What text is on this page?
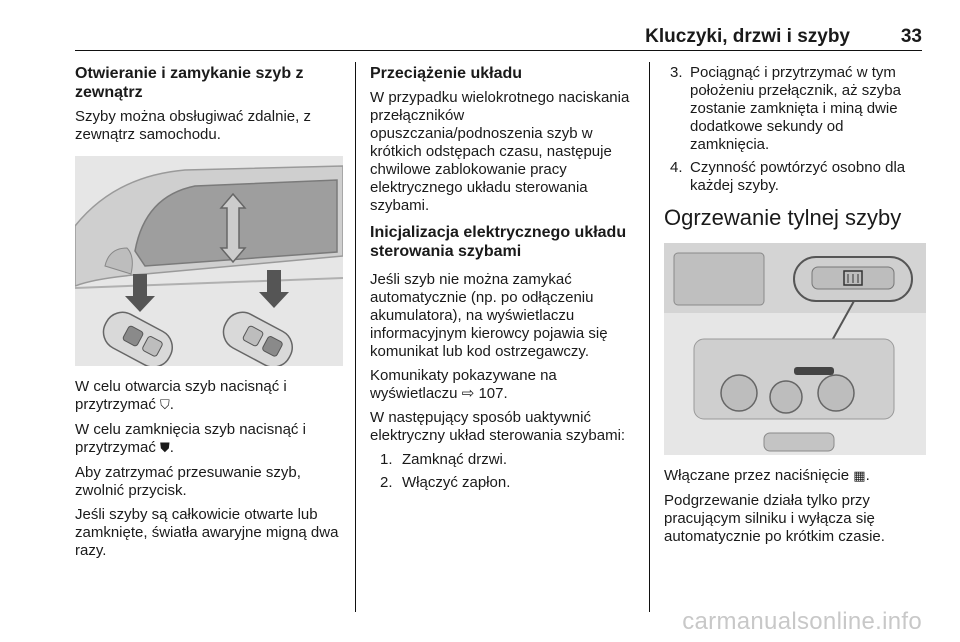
Kluczyki, drzwi i szyby	33
Otwieranie i zamykanie szyb z zewnątrz

Szyby można obsługiwać zdalnie, z zewnątrz samochodu.

W celu otwarcia szyb nacisnąć i przytrzymać ⛉.

W celu zamknięcia szyb nacisnąć i przytrzymać ⛊.

Aby zatrzymać przesuwanie szyb, zwolnić przycisk.

Jeśli szyby są całkowicie otwarte lub zamknięte, światła awaryjne migną dwa razy.

Przeciążenie układu

W przypadku wielokrotnego naciskania przełączników opuszczania/podnoszenia szyb w krótkich odstępach czasu, następuje chwilowe zablokowanie pracy elektrycznego układu sterowania szybami.

Inicjalizacja elektrycznego układu sterowania szybami

Jeśli szyb nie można zamykać automatycznie (np. po odłączeniu akumulatora), na wyświetlaczu informacyjnym kierowcy pojawia się komunikat lub kod ostrzegawczy.

Komunikaty pokazywane na wyświetlaczu ⇨ 107.

W następujący sposób uaktywnić elektryczny układ sterowania szybami:

1. Zamknąć drzwi.
2. Włączyć zapłon.
3. Pociągnąć i przytrzymać w tym położeniu przełącznik, aż szyba zostanie zamknięta i miną dwie dodatkowe sekundy od zamknięcia.
4. Czynność powtórzyć osobno dla każdej szyby.
Ogrzewanie tylnej szyby

Włączane przez naciśnięcie ▦.

Podgrzewanie działa tylko przy pracującym silniku i wyłącza się automatycznie po krótkim czasie.

carmanualsonline.info
